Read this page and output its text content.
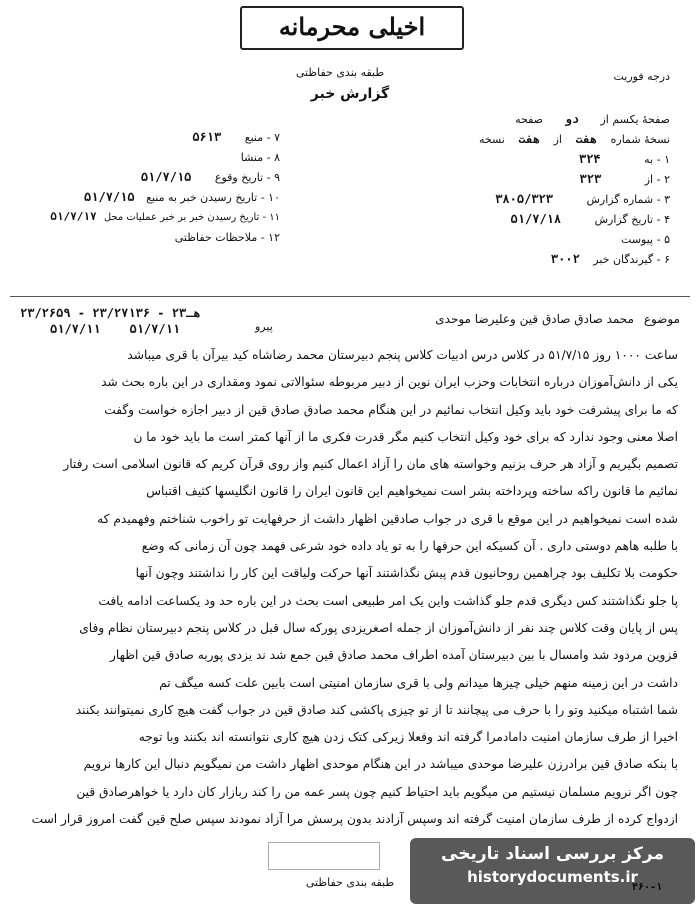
اخیلی محرمانه
طبقه بندی حفاظتی
گزارش خبر
درجه فوریت
صفحهٔ یکسم از دو صفحه
نسخهٔ شماره هفت از هفت نسخه
۱ - به ۳۲۴
۲ - از ۳۲۳
۳ - شماره گزارش ۳۸۰۵/۳۲۳
۴ - تاریخ گزارش ۵۱/۷/۱۸
۵ - پیوست
۶ - گیرندگان خبر ۳۰۰۲
۷ - منبع ۵۶۱۳
۸ - منشا
۹ - تاریخ وقوع ۵۱/۷/۱۵
۱۰ - تاریخ رسیدن خبر به منبع ۵۱/۷/۱۵
۱۱ - تاریخ رسیدن خبر بر خبر عملیات محل ۵۱/۷/۱۷
۱۲ - ملاحظات حفاظتی
موضوع محمد صادق صادق قین وعلیرضا موحدی
۲۳/۲۶۵۹ - ۲۳/۲۷۱۳۶ - ۲۳هـ
۵۱/۷/۱۱    ۵۱/۷/۱۱	پیرو
ساعت ۱۰۰۰ روز ۵۱/۷/۱۵ در کلاس درس ادبیات کلاس پنجم دبیرستان محمد رضاشاه کید بیرآن با قری میباشد
یکی از دانش‌آموزان درباره انتخابات وحزب ایران نوین از دبیر مربوطه سئوالاتی نمود ومقداری در این باره بحث شد
که ما برای پیشرفت خود باید وکیل انتخاب نمائیم در این هنگام محمد صادق صادق قین از دبیر اجازه خواست وگفت
اصلا معنی وجود ندارد که برای خود وکیل انتخاب کنیم مگر قدرت فکری ما از آنها کمتر است ما باید خود ما ن
تصمیم بگیریم و آزاد هر حرف بزنیم وخواسته های مان را آزاد اعمال کنیم واز روی قرآن کریم که قانون اسلامی است رفتار
نمائیم ما قانون راکه ساخته وپرداخته بشر است نمیخواهیم این قانون ایران را قانون انگلیسها کثیف اقتباس
شده است نمیخواهیم در این موقع با قری در جواب صادقین اظهار داشت از حرفهایت تو راخوب شناختم وفهمیدم که
با طلبه هاهم دوستی داری . آن کسیکه این حرفها را به تو یاد داده خود شرعی فهمد چون آن زمانی که وضع
حکومت بلا تکلیف بود چراهمین روحانیون قدم پیش نگذاشتند آنها حرکت ولیاقت این کار را نداشتند وچون آنها
پا جلو نگذاشتند کس دیگری قدم جلو گذاشت واین یک امر طبیعی است بحث در این باره حد ود یکساعت ادامه یافت
پس از پایان وقت کلاس چند نفر از دانش‌آموزان از جمله اصغریزدی پورکه سال قبل در کلاس پنجم دبیرستان نظام وفای
قزوین مردود شد وامسال با بین دبیرستان آمده اطراف محمد صادق قین جمع شد ند یزدی پوربه صادق قین اظهار
داشت در این زمینه منهم خیلی چیزها میدانم ولی با قری سازمان امنیتی است بابین علت کسه میگف تم
شما اشتباه میکنید وتو را با حرف می پیچانند تا از تو چیزی پاکشی کند صادق قین در جواب گفت هیچ کاری نمیتوانند بکنند
اخیرا از طرف سازمان امنیت دامادمرا گرفته اند وفعلا زیرکی کتک زدن هیچ کاری نتوانسته اند بکنند وبا توجه
با بنکه صادق قین برادرزن علیرضا موحدی میباشد در این هنگام موحدی اظهار داشت من نمیگویم دنبال این کارها نرویم
چون اگر نرویم مسلمان نیستیم من میگویم باید احتیاط کنیم چون پسر عمه من را کند ربازار کان دارد یا خواهرصادق قین
ازدواج کرده از طرف سازمان امنیت گرفته اند وسپس آزادند بدون پرسش مرا آزاد نمودند سپس صلح قین گفت امروز قرار است
طبقه بندی حفاظتی
مرکز بررسی اسناد تاریخی
historydocuments.ir
